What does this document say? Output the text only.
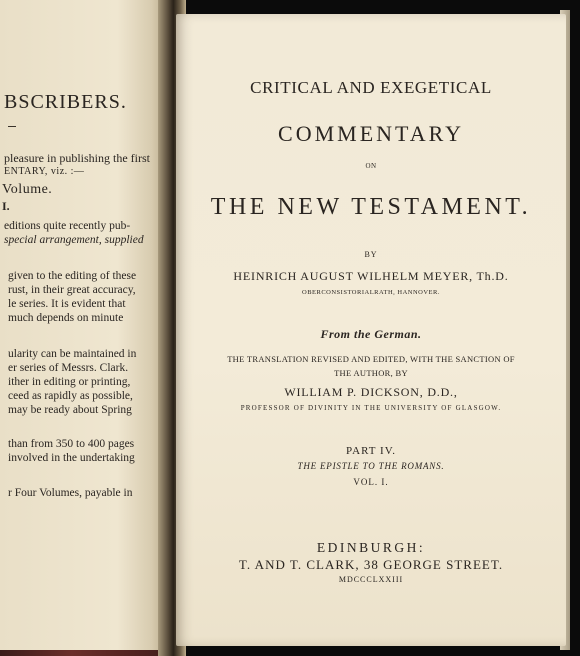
BSCRIBERS.
pleasure in publishing the first
ENTARY, viz. :—
Volume.
I.
editions quite recently pub-
special arrangement, supplied
given to the editing of these
rust, in their great accuracy,
le series. It is evident that
much depends on minute
ularity can be maintained in
er series of Messrs. Clark.
ither in editing or printing,
ceed as rapidly as possible,
may be ready about Spring
than from 350 to 400 pages
involved in the undertaking
r Four Volumes, payable in
CRITICAL AND EXEGETICAL
COMMENTARY
ON
THE NEW TESTAMENT.
BY
HEINRICH AUGUST WILHELM MEYER, Th.D.
OBERCONSISTORIALRATH, HANNOVER.
From the German.
THE TRANSLATION REVISED AND EDITED, WITH THE SANCTION OF
THE AUTHOR, BY
WILLIAM P. DICKSON, D.D.,
PROFESSOR OF DIVINITY IN THE UNIVERSITY OF GLASGOW.
PART IV.
THE EPISTLE TO THE ROMANS.
VOL. I.
EDINBURGH:
T. AND T. CLARK, 38 GEORGE STREET.
MDCCCLXXIII
